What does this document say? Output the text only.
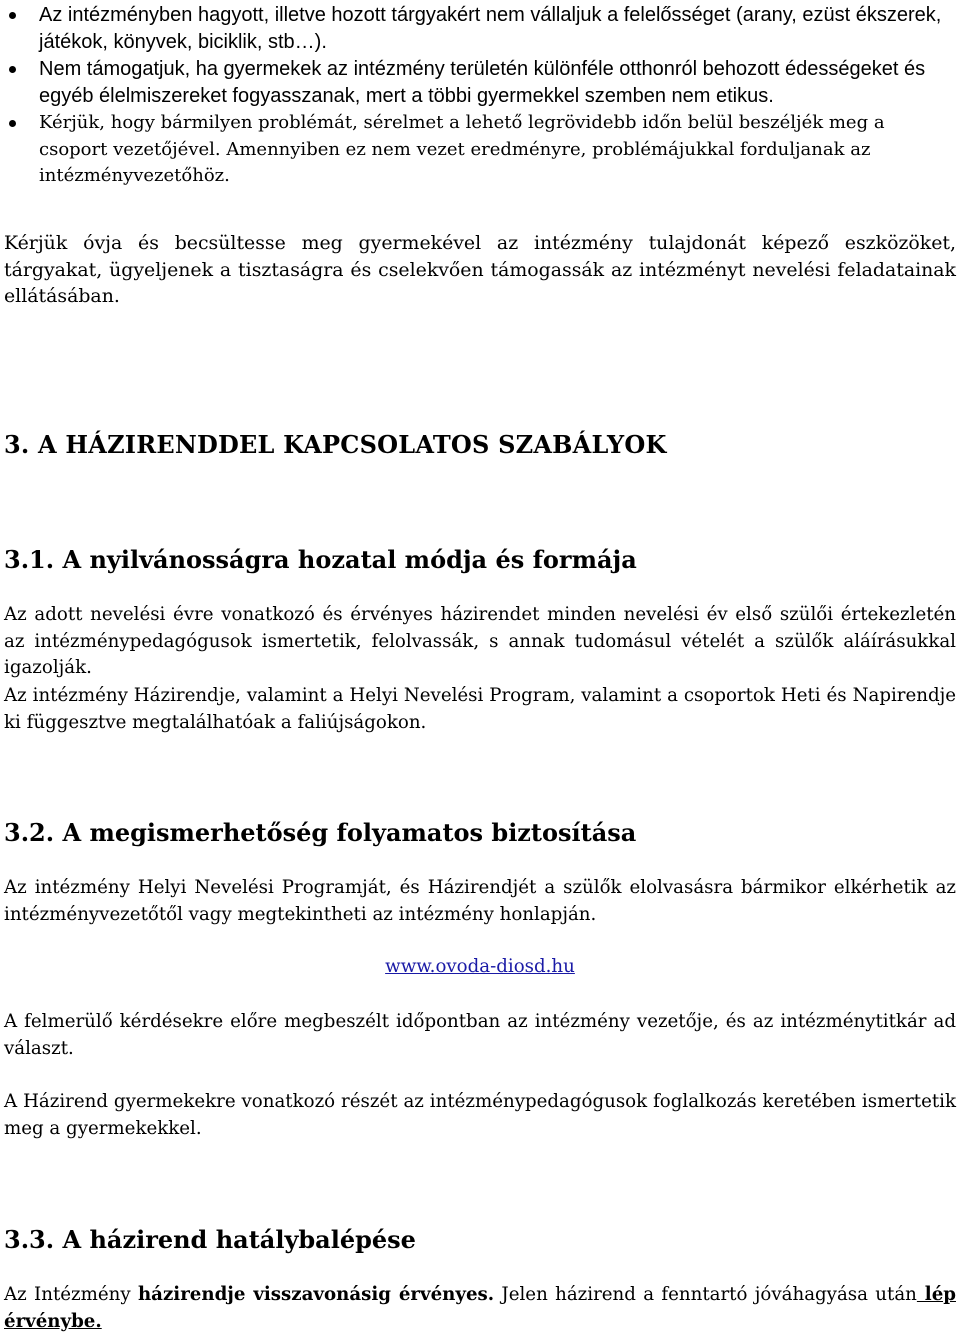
Az intézményben hagyott, illetve hozott tárgyakért nem vállaljuk a felelősséget (arany, ezüst ékszerek, játékok, könyvek, biciklik, stb…).
Nem támogatjuk, ha gyermekek az intézmény területén különféle otthonról behozott édességeket és egyéb élelmiszereket fogyasszanak, mert a többi gyermekkel szemben nem etikus.
Kérjük, hogy bármilyen problémát, sérelmet a lehető legrövidebb időn belül beszéljék meg a csoport vezetőjével. Amennyiben ez nem vezet eredményre, problémájukkal forduljanak az intézményvezetőhöz.

Kérjük óvja és becsültesse meg gyermekével az intézmény tulajdonát képező eszközöket, tárgyakat, ügyeljenek a tisztaságra és cselekvően támogassák az intézményt nevelési feladatainak ellátásában.

3. A HÁZIRENDDEL KAPCSOLATOS SZABÁLYOK
3.1. A nyilvánosságra hozatal módja és formája

Az adott nevelési évre vonatkozó és érvényes házirendet minden nevelési év első szülői értekezletén az intézménypedagógusok ismertetik, felolvassák, s annak tudomásul vételét a szülők aláírásukkal igazolják.

Az intézmény Házirendje, valamint a Helyi Nevelési Program, valamint a csoportok Heti és Napirendje ki függesztve megtalálhatóak a faliújságokon.

3.2. A megismerhetőség folyamatos biztosítása

Az intézmény Helyi Nevelési Programját, és Házirendjét a szülők elolvasásra bármikor elkérhetik az intézményvezetőtől vagy megtekintheti az intézmény honlapján.

www.ovoda-diosd.hu

A felmerülő kérdésekre előre megbeszélt időpontban az intézmény vezetője, és az intézménytitkár ad választ.

A Házirend gyermekekre vonatkozó részét az intézménypedagógusok foglalkozás keretében ismertetik meg a gyermekekkel.

3.3. A házirend hatálybalépése

Az Intézmény házirendje visszavonásig érvényes. Jelen házirend a fenntartó jóváhagyása után lép érvénybe.
